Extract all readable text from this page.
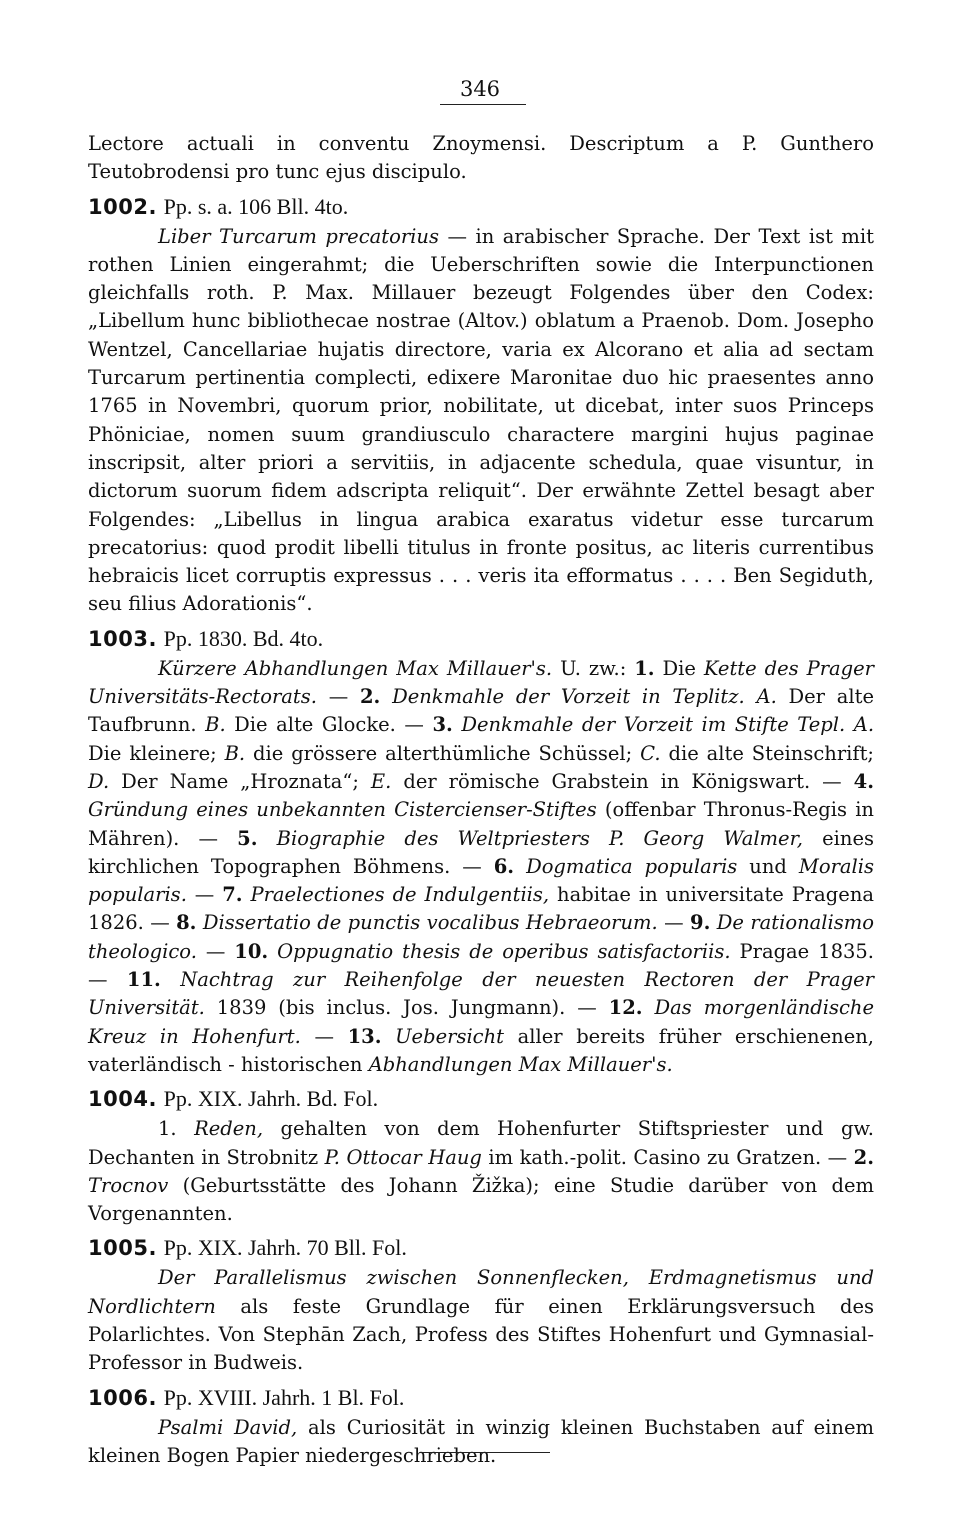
346

Lectore actuali in conventu Znoymensi. Descriptum a P. Gunthero Teutobrodensi pro tunc ejus discipulo.

1002. Pp. s. a. 106 Bll. 4to.

Liber Turcarum precatorius — in arabischer Sprache. Der Text ist mit rothen Linien eingerahmt; die Ueberschriften sowie die Interpunctionen gleichfalls roth. P. Max. Millauer bezeugt Folgendes über den Codex: „Libellum hunc bibliothecae nostrae (Altov.) oblatum a Praenob. Dom. Josepho Wentzel, Cancellariae hujatis directore, varia ex Alcorano et alia ad sectam Turcarum pertinentia complecti, edixere Maronitae duo hic praesentes anno 1765 in Novembri, quorum prior, nobilitate, ut dicebat, inter suos Princeps Phöniciae, nomen suum grandiusculo charactere margini hujus paginae inscripsit, alter priori a servitiis, in adjacente schedula, quae visuntur, in dictorum suorum fidem adscripta reliquit“. Der erwähnte Zettel besagt aber Folgendes: „Libellus in lingua arabica exaratus videtur esse turcarum precatorius: quod prodit libelli titulus in fronte positus, ac literis currentibus hebraicis licet corruptis expressus . . . veris ita efformatus . . . . Ben Segiduth, seu filius Adorationis“.

1003. Pp. 1830. Bd. 4to.

Kürzere Abhandlungen Max Millauer's. U. zw.: 1. Die Kette des Prager Universitäts-Rectorats. — 2. Denkmahle der Vorzeit in Teplitz. A. Der alte Taufbrunn. B. Die alte Glocke. — 3. Denkmahle der Vorzeit im Stifte Tepl. A. Die kleinere; B. die grössere alterthümliche Schüssel; C. die alte Steinschrift; D. Der Name „Hroznata“; E. der römische Grabstein in Königswart. — 4. Gründung eines unbekannten Cistercienser-Stiftes (offenbar Thronus-Regis in Mähren). — 5. Biographie des Weltpriesters P. Georg Walmer, eines kirchlichen Topographen Böhmens. — 6. Dogmatica popularis und Moralis popularis. — 7. Praelectiones de Indulgentiis, habitae in universitate Pragena 1826. — 8. Dissertatio de punctis vocalibus Hebraeorum. — 9. De rationalismo theologico. — 10. Oppugnatio thesis de operibus satisfactoriis. Pragae 1835. — 11. Nachtrag zur Reihenfolge der neuesten Rectoren der Prager Universität. 1839 (bis inclus. Jos. Jungmann). — 12. Das morgenländische Kreuz in Hohenfurt. — 13. Uebersicht aller bereits früher erschienenen, vaterländisch - historischen Abhandlungen Max Millauer's.

1004. Pp. XIX. Jahrh. Bd. Fol.

1. Reden, gehalten von dem Hohenfurter Stiftspriester und gw. Dechanten in Strobnitz P. Ottocar Haug im kath.-polit. Casino zu Gratzen. — 2. Trocnov (Geburtsstätte des Johann Žižka); eine Studie darüber von dem Vorgenannten.

1005. Pp. XIX. Jahrh. 70 Bll. Fol.

Der Parallelismus zwischen Sonnenflecken, Erdmagnetismus und Nordlichtern als feste Grundlage für einen Erklärungsversuch des Polarlichtes. Von Stephān Zach, Profess des Stiftes Hohenfurt und Gymnasial-Professor in Budweis.

1006. Pp. XVIII. Jahrh. 1 Bl. Fol.

Psalmi David, als Curiosität in winzig kleinen Buchstaben auf einem kleinen Bogen Papier niedergeschrieben.
